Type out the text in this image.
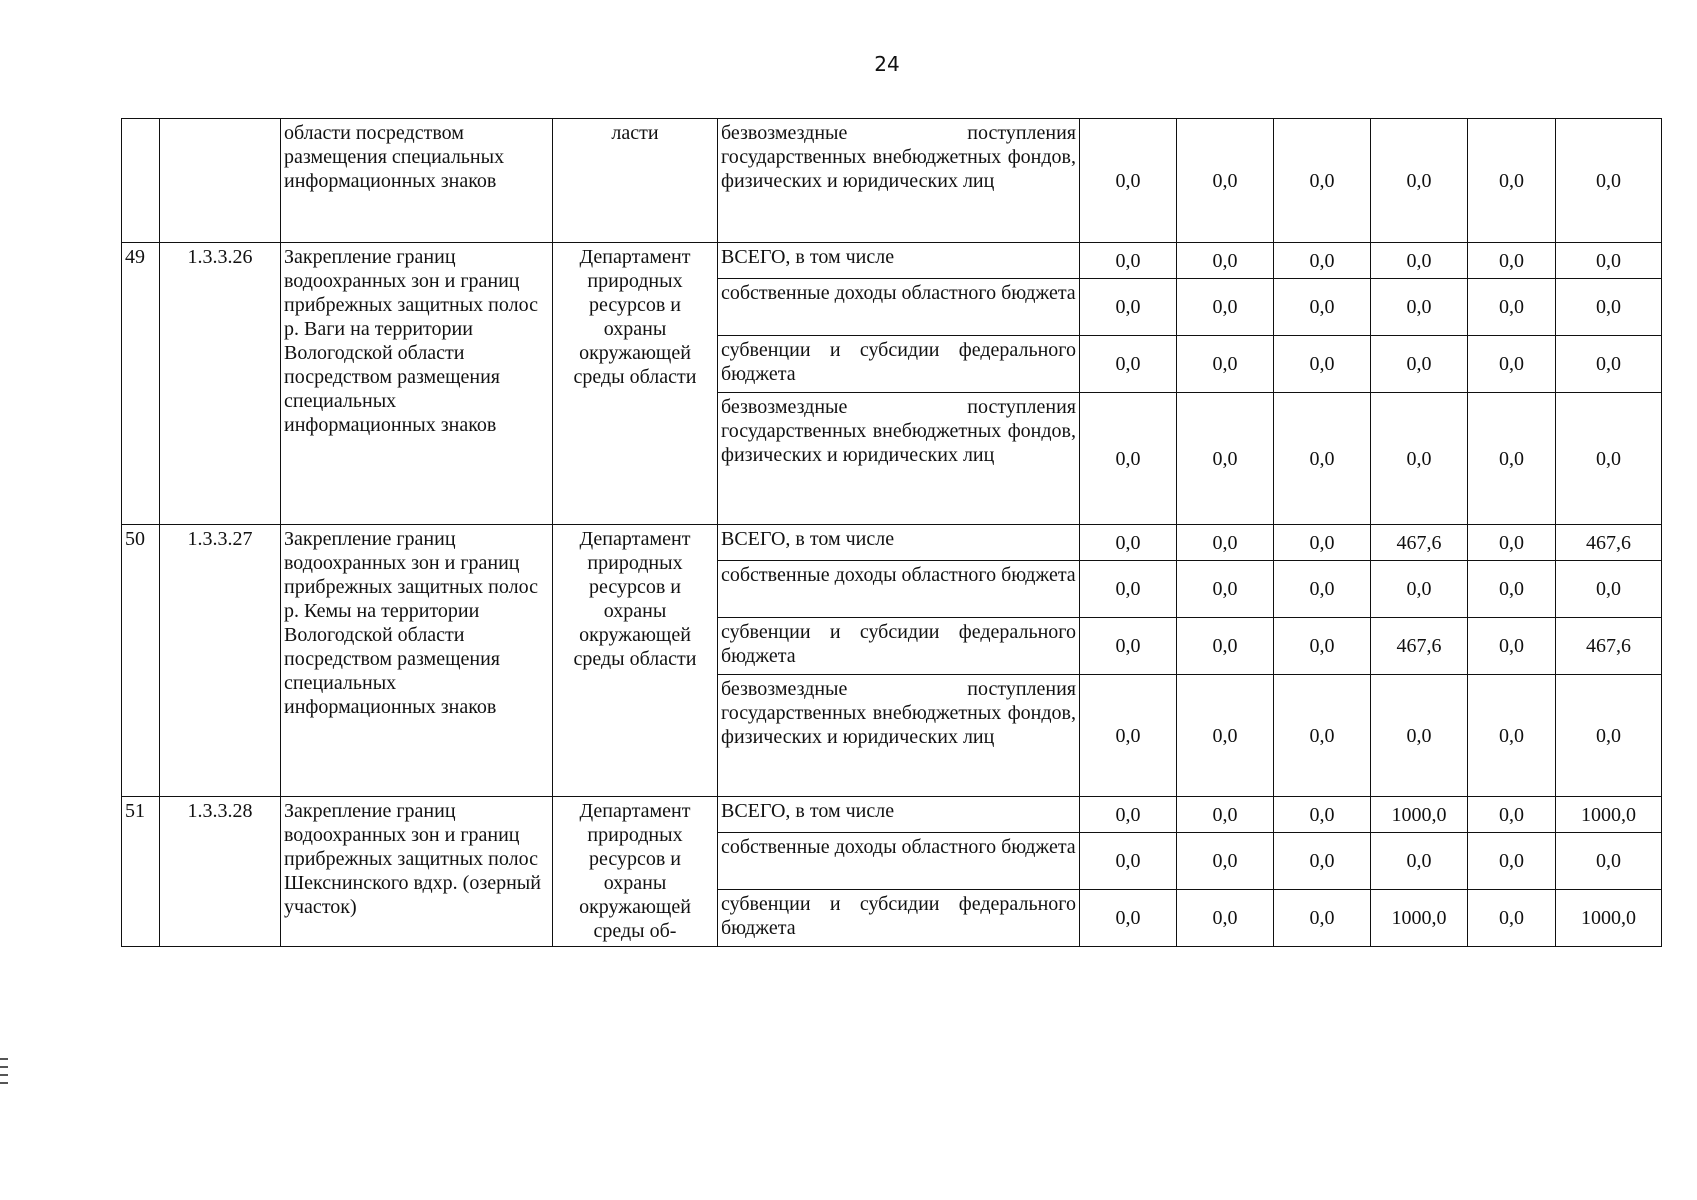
24
		области посредством размещения специальных информационных знаков	ласти	безвозмездные поступления государственных внебюджетных фондов, физических и юридических лиц	0,0	0,0	0,0	0,0	0,0	0,0
49	1.3.3.26	Закрепление границ водоохранных зон и границ прибрежных защитных полос р. Ваги на территории Вологодской области посредством размещения специальных информационных знаков	Департамент природных ресурсов и охраны окружающей среды области	ВСЕГО, в том числе	0,0	0,0	0,0	0,0	0,0	0,0
				собственные доходы областного бюджета	0,0	0,0	0,0	0,0	0,0	0,0
				субвенции и субсидии федерального бюджета	0,0	0,0	0,0	0,0	0,0	0,0
				безвозмездные поступления государственных внебюджетных фондов, физических и юридических лиц	0,0	0,0	0,0	0,0	0,0	0,0
50	1.3.3.27	Закрепление границ водоохранных зон и границ прибрежных защитных полос р. Кемы на территории Вологодской области посредством размещения специальных информационных знаков	Департамент природных ресурсов и охраны окружающей среды области	ВСЕГО, в том числе	0,0	0,0	0,0	467,6	0,0	467,6
				собственные доходы областного бюджета	0,0	0,0	0,0	0,0	0,0	0,0
				субвенции и субсидии федерального бюджета	0,0	0,0	0,0	467,6	0,0	467,6
				безвозмездные поступления государственных внебюджетных фондов, физических и юридических лиц	0,0	0,0	0,0	0,0	0,0	0,0
51	1.3.3.28	Закрепление границ водоохранных зон и границ прибрежных защитных полос Шекснинского вдхр. (озерный участок)	Департамент природных ресурсов и охраны окружающей среды об-	ВСЕГО, в том числе	0,0	0,0	0,0	1000,0	0,0	1000,0
				собственные доходы областного бюджета	0,0	0,0	0,0	0,0	0,0	0,0
				субвенции и субсидии федерального бюджета	0,0	0,0	0,0	1000,0	0,0	1000,0
